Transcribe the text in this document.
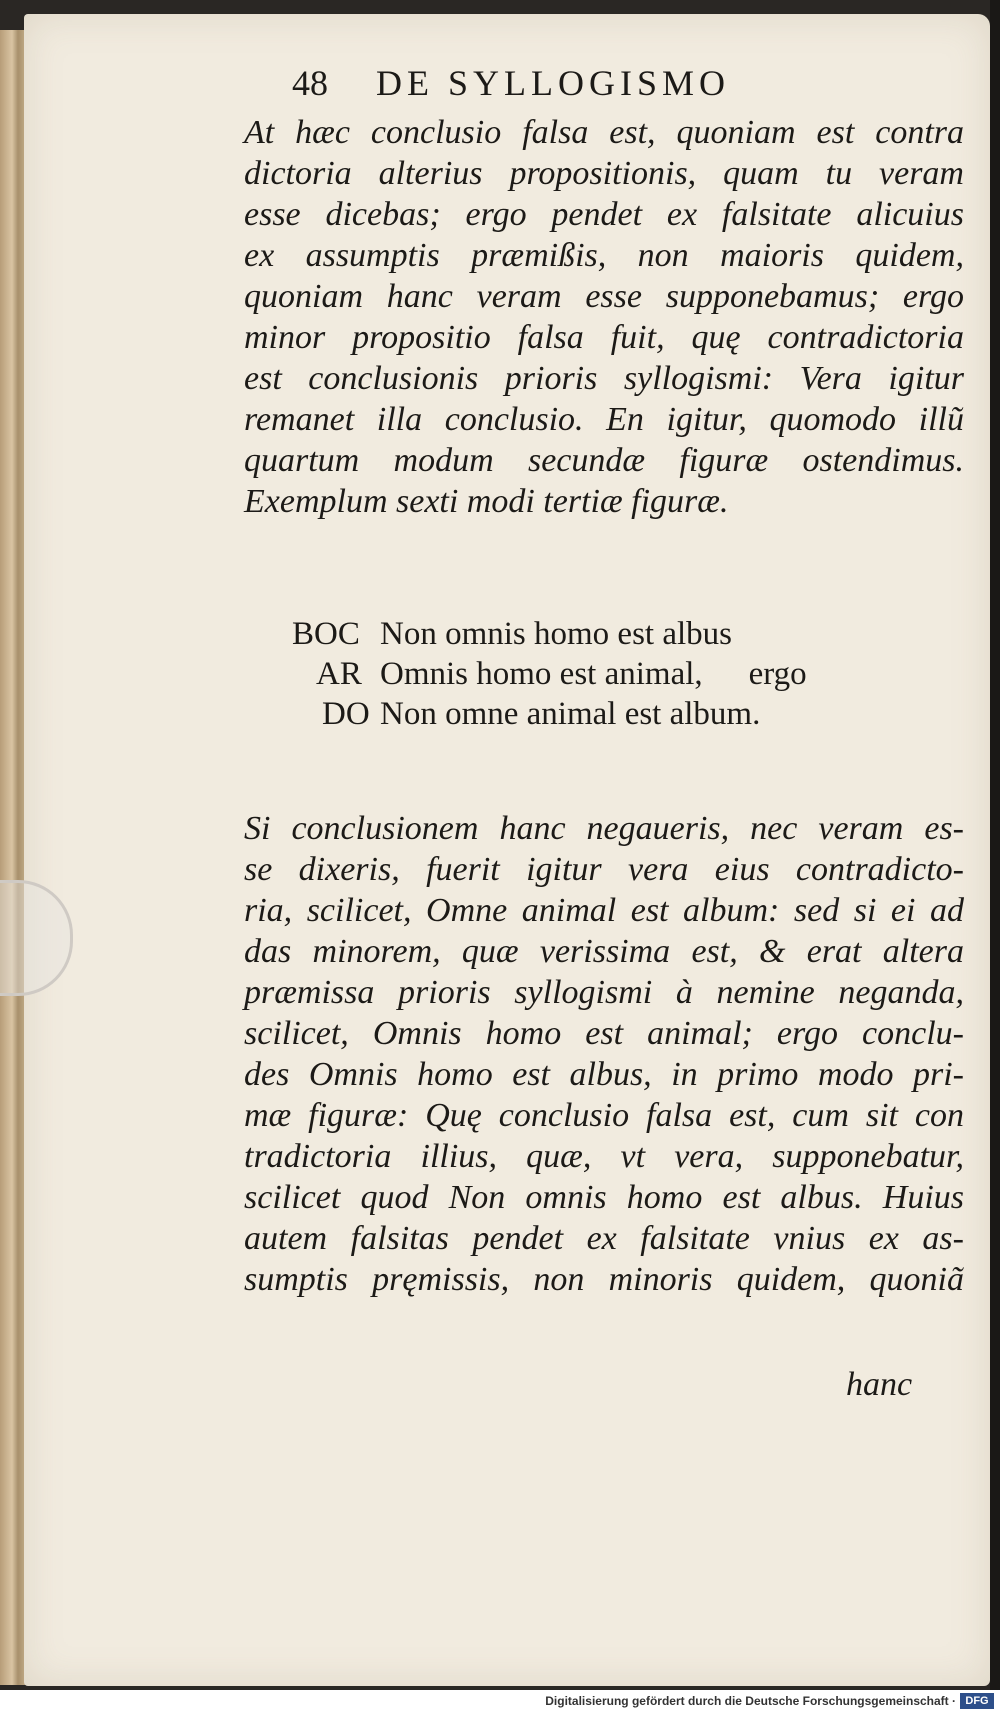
48 DE SYLLOGISMO
At hæc conclusio falsa est, quoniam est contra
dictoria alterius propositionis, quam tu veram
esse dicebas; ergo pendet ex falsitate alicuius
ex assumptis præmißis, non maioris quidem,
quoniam hanc veram esse supponebamus; ergo
minor propositio falsa fuit, quę contradictoria
est conclusionis prioris syllogismi: Vera igitur
remanet illa conclusio. En igitur, quomodo illũ
quartum modum secundæ figuræ ostendimus.
Exemplum sexti modi tertiæ figuræ.
BOC Non omnis homo est albus
AR Omnis homo est animal, ergo
DO Non omne animal est album.
Si conclusionem hanc negaueris, nec veram es-
se dixeris, fuerit igitur vera eius contradicto-
ria, scilicet, Omne animal est album: sed si ei ad
das minorem, quæ verissima est, & erat altera
præmissa prioris syllogismi à nemine neganda,
scilicet, Omnis homo est animal; ergo conclu-
des Omnis homo est albus, in primo modo pri-
mæ figuræ: Quę conclusio falsa est, cum sit con
tradictoria illius, quæ, vt vera, supponebatur,
scilicet quod Non omnis homo est albus. Huius
autem falsitas pendet ex falsitate vnius ex as-
sumptis pręmissis, non minoris quidem, quoniã
hanc
Digitalisierung gefördert durch die Deutsche Forschungsgemeinschaft · DFG
